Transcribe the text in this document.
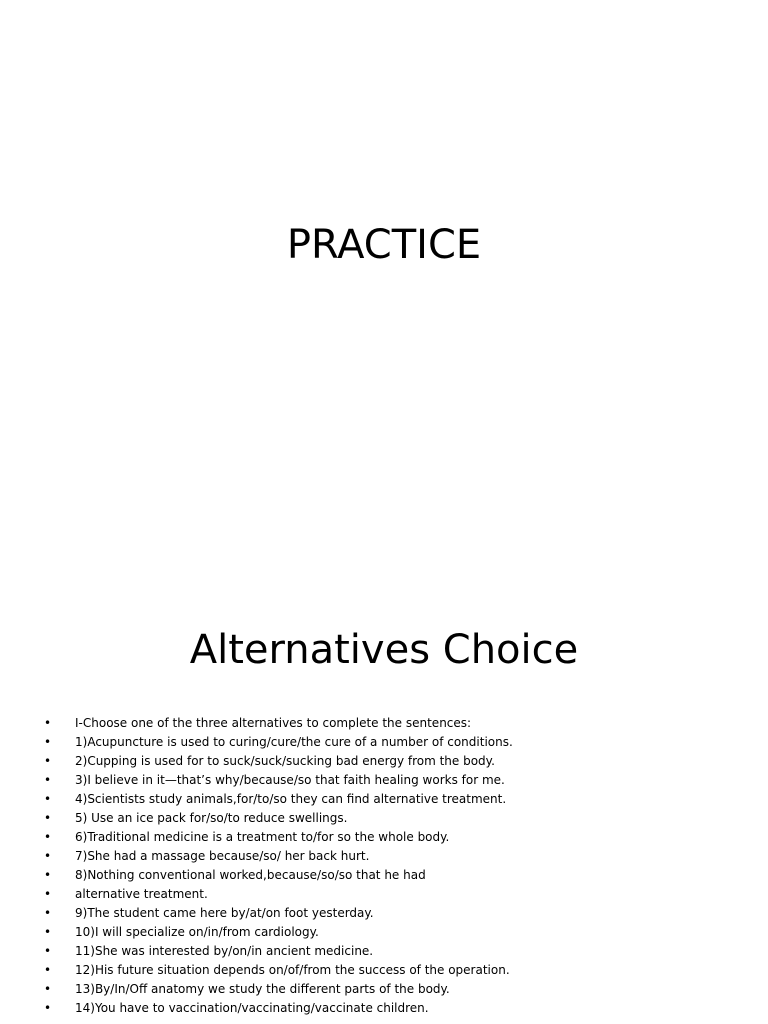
PRACTICE
Alternatives Choice
• I-Choose one of the three alternatives to complete the sentences:
• 1)Acupuncture is used to curing/cure/the cure of a number of conditions.
• 2)Cupping is used for to suck/suck/sucking bad energy from the body.
• 3)I believe in it—that’s why/because/so that faith healing works for me.
• 4)Scientists study animals,for/to/so they can find alternative treatment.
• 5) Use an ice pack for/so/to reduce swellings.
• 6)Traditional medicine is a treatment to/for so the whole body.
• 7)She had a massage because/so/ her back hurt.
• 8)Nothing conventional worked,because/so/so that he had
• alternative treatment.
• 9)The student came here by/at/on foot yesterday.
• 10)I will specialize on/in/from cardiology.
• 11)She was interested by/on/in ancient medicine.
• 12)His future situation depends on/of/from the success of the operation.
• 13)By/In/Off anatomy we study the different parts of the body.
• 14)You have to vaccination/vaccinating/vaccinate children.
